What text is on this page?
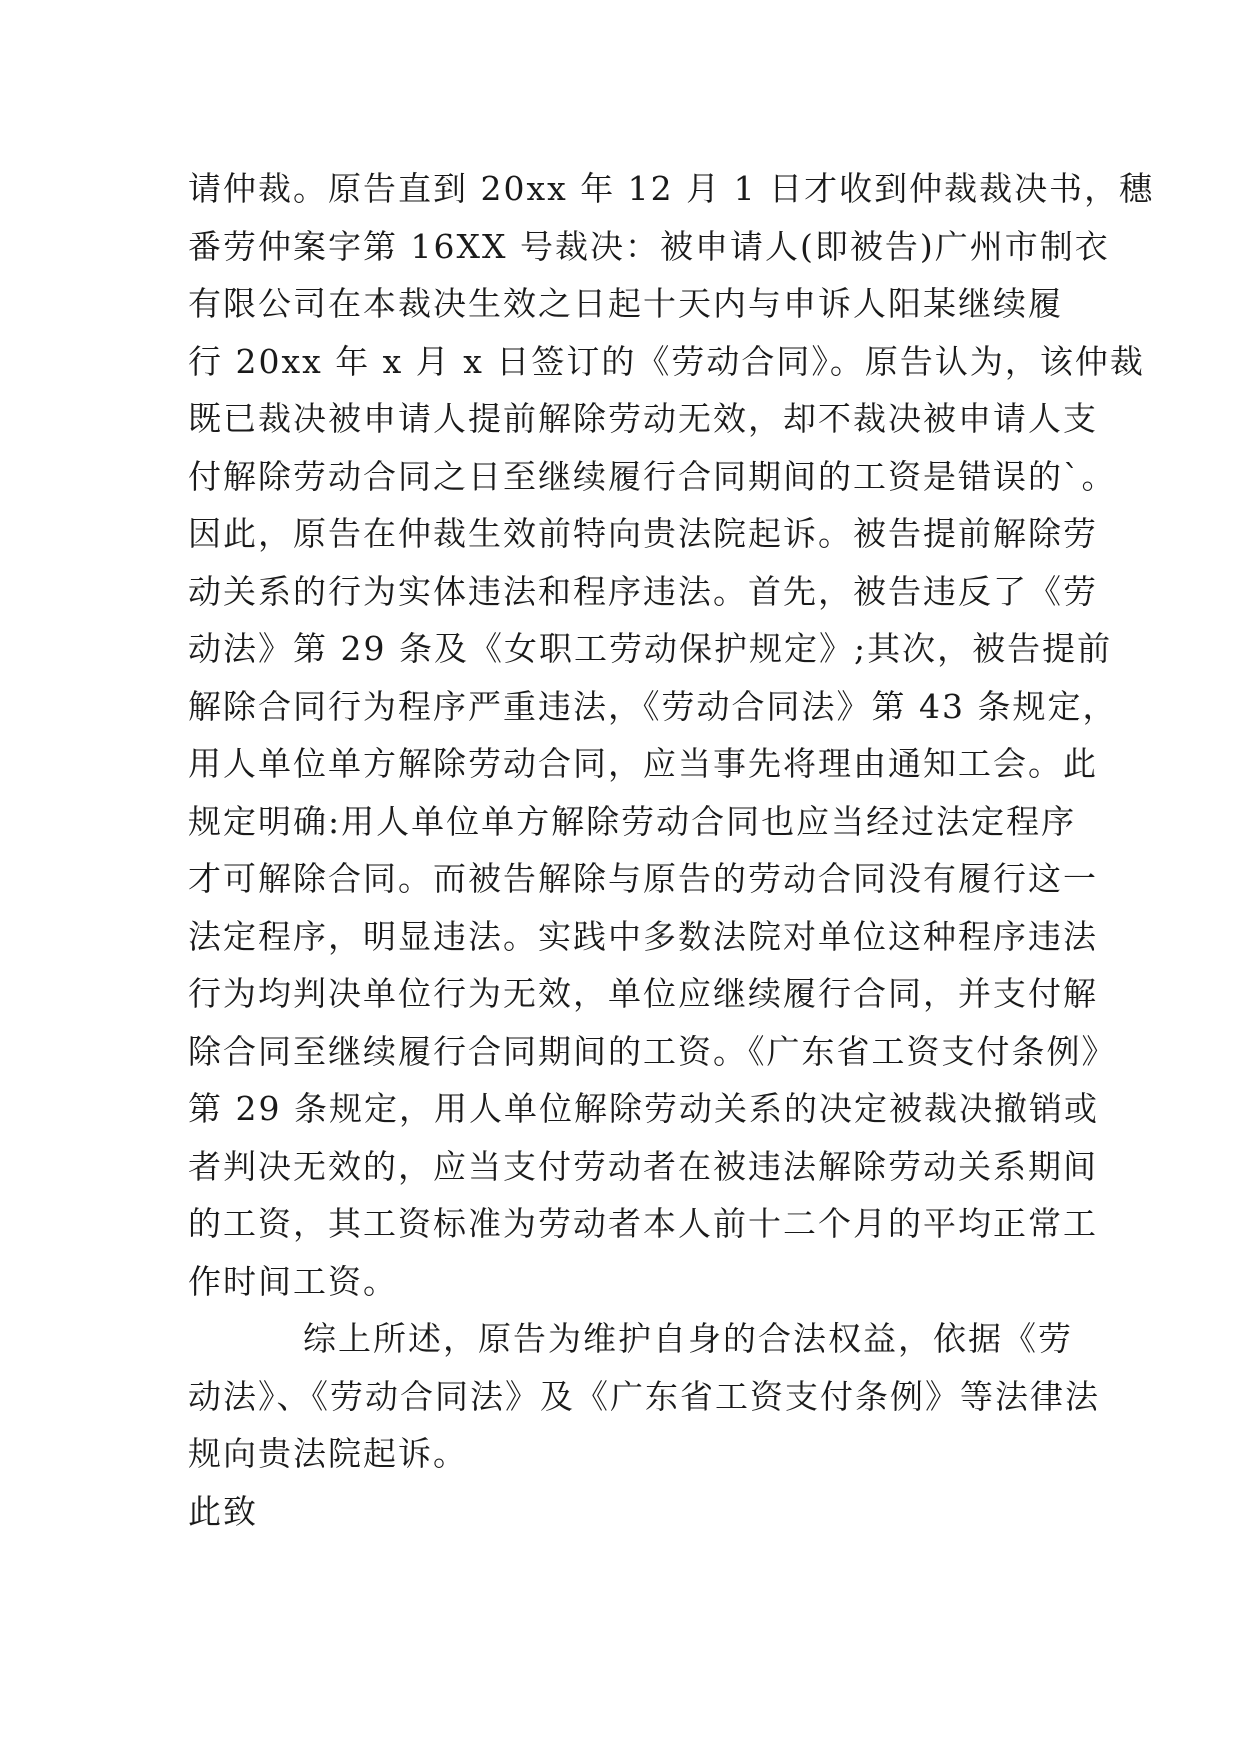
请仲裁。原告直到 20xx 年 12 月 1 日才收到仲裁裁决书，穗
番劳仲案字第 16XX 号裁决：被申请人(即被告)广州市制衣
有限公司在本裁决生效之日起十天内与申诉人阳某继续履
行 20xx 年 x 月 x 日签订的《劳动合同》。原告认为，该仲裁
既已裁决被申请人提前解除劳动无效，却不裁决被申请人支
付解除劳动合同之日至继续履行合同期间的工资是错误的`。
因此，原告在仲裁生效前特向贵法院起诉。被告提前解除劳
动关系的行为实体违法和程序违法。首先，被告违反了《劳
动法》第 29 条及《女职工劳动保护规定》;其次，被告提前
解除合同行为程序严重违法，《劳动合同法》第 43 条规定，
用人单位单方解除劳动合同，应当事先将理由通知工会。此
规定明确:用人单位单方解除劳动合同也应当经过法定程序
才可解除合同。而被告解除与原告的劳动合同没有履行这一
法定程序，明显违法。实践中多数法院对单位这种程序违法
行为均判决单位行为无效，单位应继续履行合同，并支付解
除合同至继续履行合同期间的工资。《广东省工资支付条例》
第 29 条规定，用人单位解除劳动关系的决定被裁决撤销或
者判决无效的，应当支付劳动者在被违法解除劳动关系期间
的工资，其工资标准为劳动者本人前十二个月的平均正常工
作时间工资。
综上所述，原告为维护自身的合法权益，依据《劳
动法》、《劳动合同法》及《广东省工资支付条例》等法律法
规向贵法院起诉。
此致
